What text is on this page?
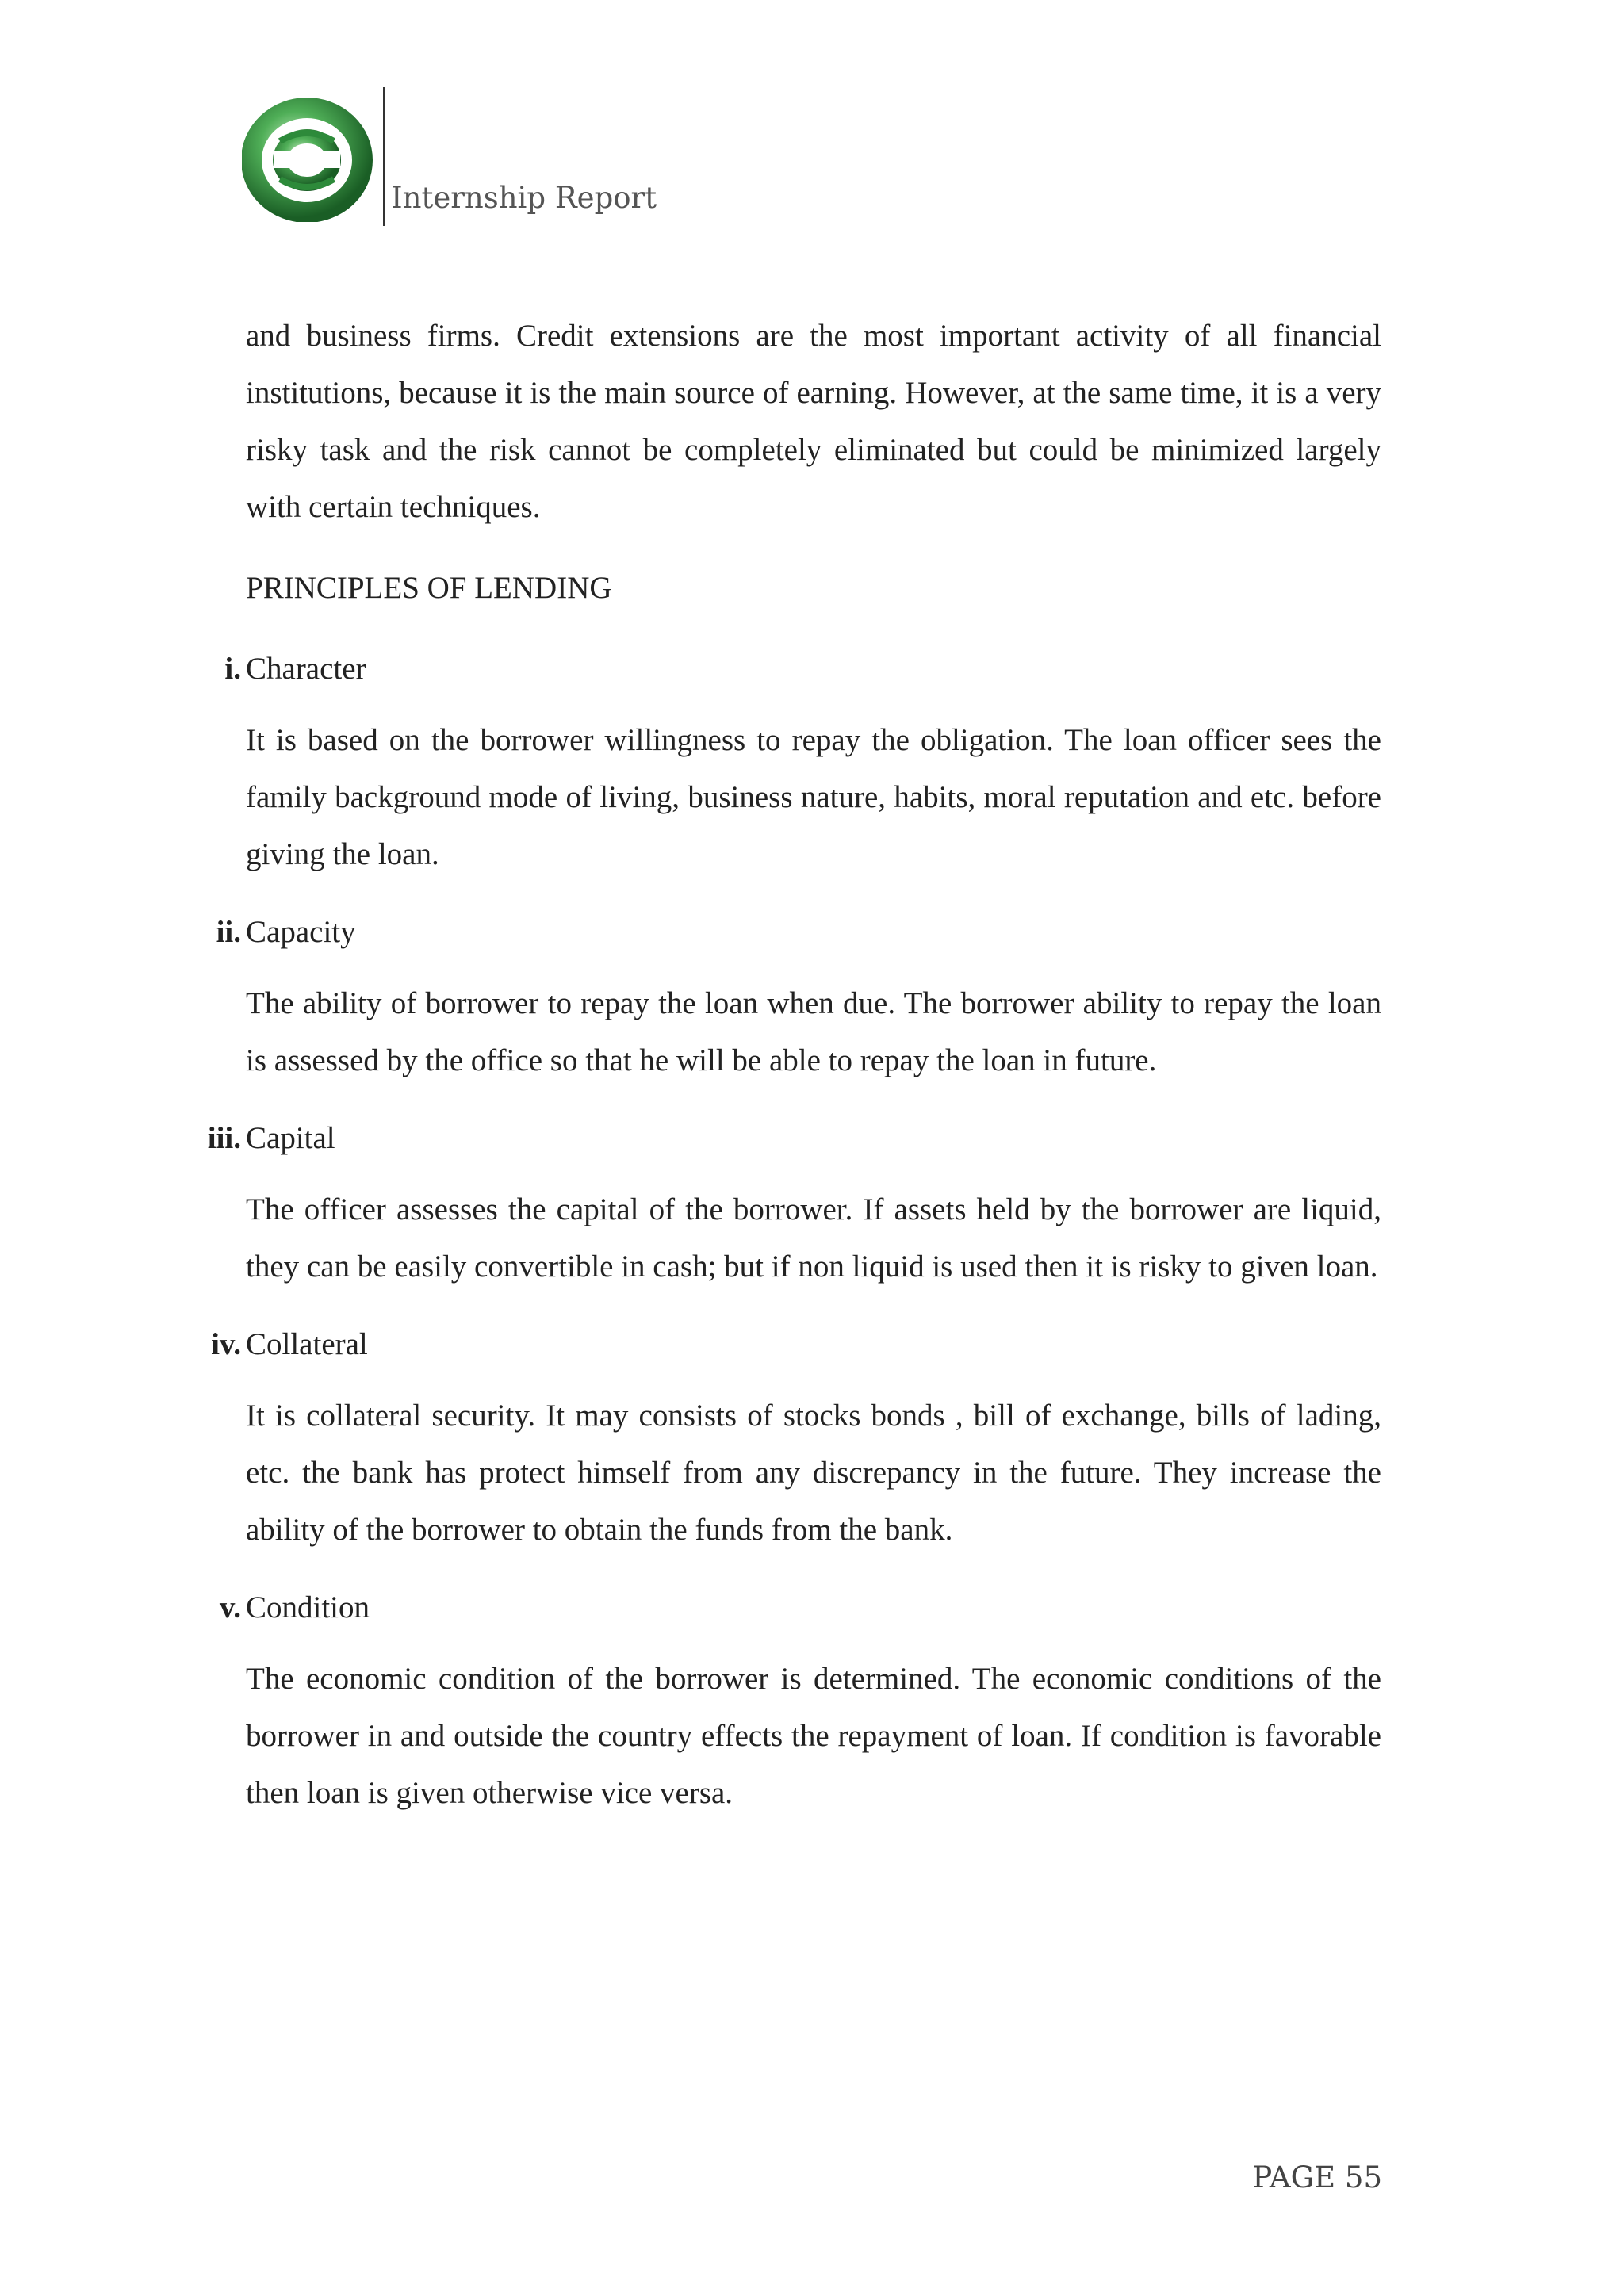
Internship Report

and business firms. Credit extensions are the most important activity of all financial institutions, because it is the main source of earning. However, at the same time, it is a very risky task and the risk cannot be completely eliminated but could be minimized largely with certain techniques.

PRINCIPLES OF LENDING
i. Character

It is based on the borrower willingness to repay the obligation. The loan officer sees the family background mode of living, business nature, habits, moral reputation and etc. before giving the loan.

ii. Capacity

The ability of borrower to repay the loan when due. The borrower ability to repay the loan is assessed by the office so that he will be able to repay the loan in future.

iii. Capital

The officer assesses the capital of the borrower. If assets held by the borrower are liquid, they can be easily convertible in cash; but if non liquid is used then it is risky to given loan.

iv. Collateral

It is collateral security. It may consists of stocks bonds , bill of exchange, bills of lading, etc. the bank has protect himself from any discrepancy in the future. They increase the ability of the borrower to obtain the funds from the bank.

v. Condition

The economic condition of the borrower is determined. The economic conditions of the borrower in and outside the country effects the repayment of loan. If condition is favorable then loan is given otherwise vice versa.

PAGE 55
